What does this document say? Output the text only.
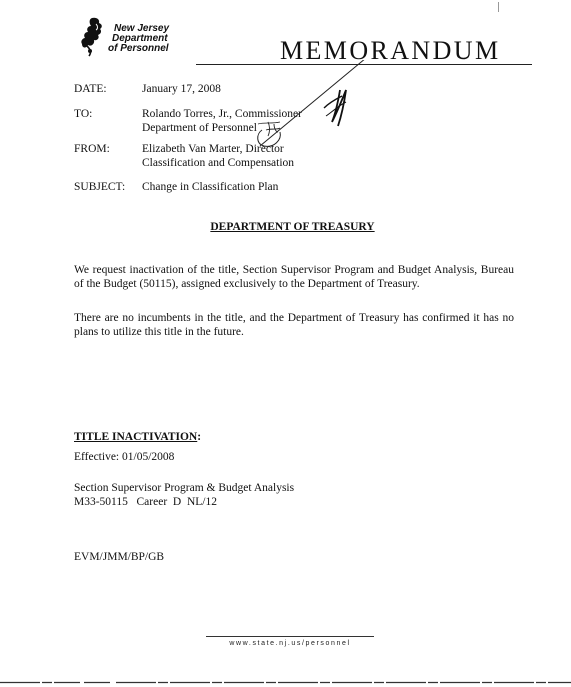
New Jersey
Department
of Personnel	MEMORANDUM
DATE:	January 17, 2008
TO:	Rolando Torres, Jr., Commissioner
Department of Personnel
FROM:	Elizabeth Van Marter, Director
Classification and Compensation
SUBJECT:	Change in Classification Plan
DEPARTMENT OF TREASURY
We request inactivation of the title, Section Supervisor Program and Budget Analysis, Bureau of the Budget (50115), assigned exclusively to the Department of Treasury.
There are no incumbents in the title, and the Department of Treasury has confirmed it has no plans to utilize this title in the future.
TITLE INACTIVATION:
Effective: 01/05/2008
Section Supervisor Program & Budget Analysis
M33-50115   Career  D  NL/12
EVM/JMM/BP/GB
www.state.nj.us/personnel
